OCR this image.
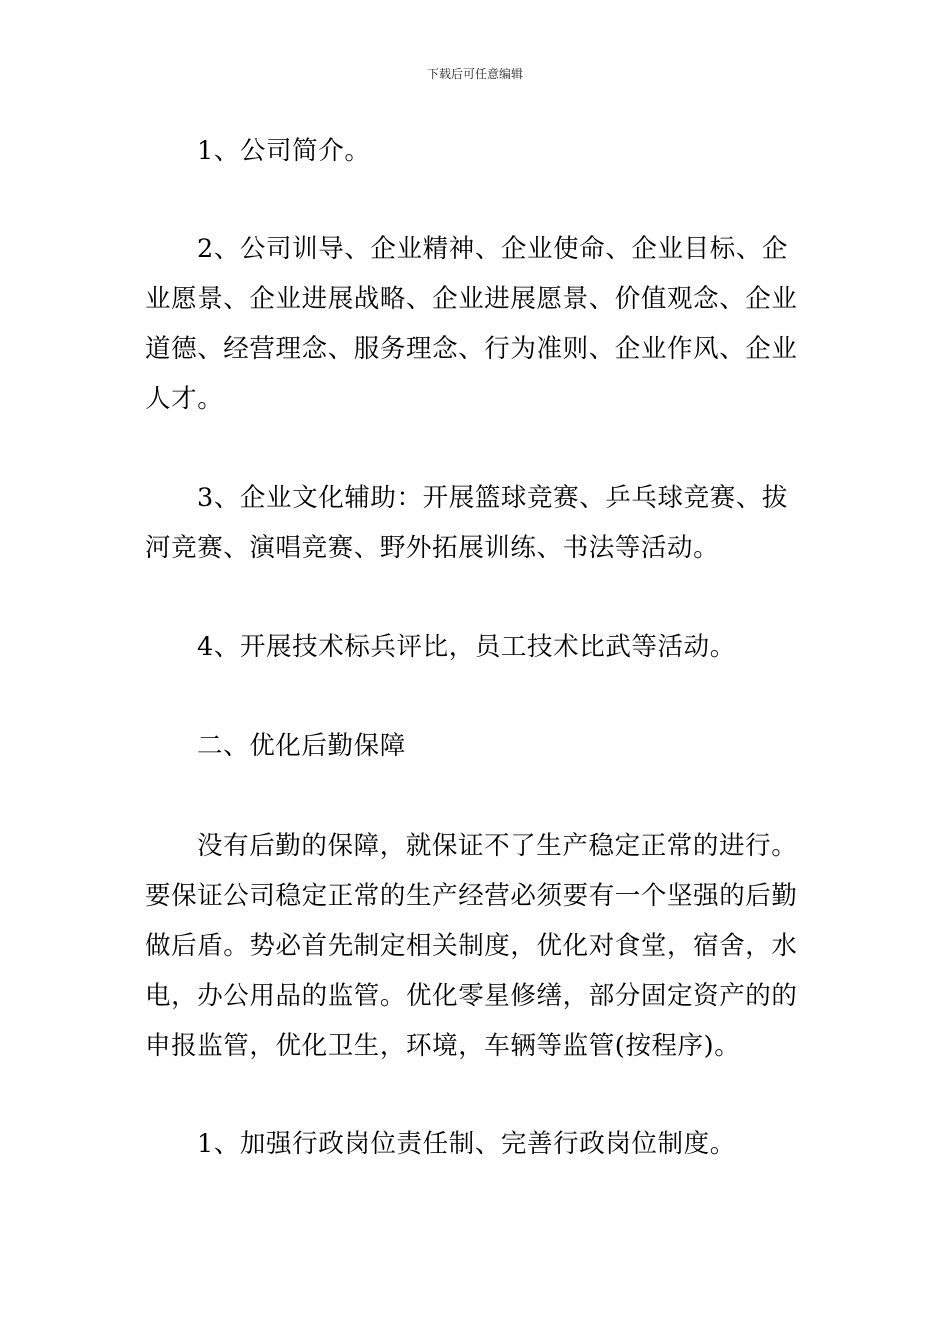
下载后可任意编辑

1、公司简介。

2、公司训导、企业精神、企业使命、企业目标、企业愿景、企业进展战略、企业进展愿景、价值观念、企业道德、经营理念、服务理念、行为准则、企业作风、企业人才。

3、企业文化辅助：开展篮球竞赛、乒乓球竞赛、拔河竞赛、演唱竞赛、野外拓展训练、书法等活动。

4、开展技术标兵评比，员工技术比武等活动。

二、优化后勤保障

没有后勤的保障，就保证不了生产稳定正常的进行。要保证公司稳定正常的生产经营必须要有一个坚强的后勤做后盾。势必首先制定相关制度，优化对食堂，宿舍，水电，办公用品的监管。优化零星修缮，部分固定资产的的申报监管，优化卫生，环境，车辆等监管(按程序)。

1、加强行政岗位责任制、完善行政岗位制度。
